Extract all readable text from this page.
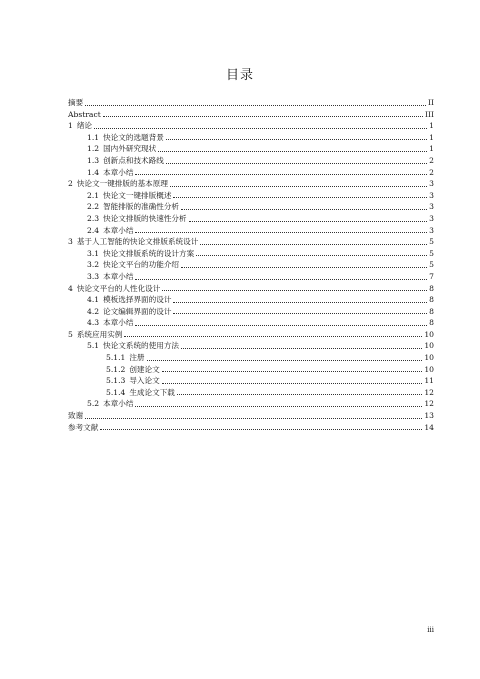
目录
摘要	II
Abstract	III
1 绪论	1
1.1 快论文的选题背景	1
1.2 国内外研究现状	1
1.3 创新点和技术路线	2
1.4 本章小结	2
2 快论文一键排版的基本原理	3
2.1 快论文一键排版概述	3
2.2 智能排版的准确性分析	3
2.3 快论文排版的快速性分析	3
2.4 本章小结	3
3 基于人工智能的快论文排版系统设计	5
3.1 快论文排版系统的设计方案	5
3.2 快论文平台的功能介绍	5
3.3 本章小结	7
4 快论文平台的人性化设计	8
4.1 模板选择界面的设计	8
4.2 论文编辑界面的设计	8
4.3 本章小结	8
5 系统应用实例	10
5.1 快论文系统的使用方法	10
5.1.1 注册	10
5.1.2 创建论文	10
5.1.3 导入论文	11
5.1.4 生成论文下载	12
5.2 本章小结	12
致谢	13
参考文献	14
iii
